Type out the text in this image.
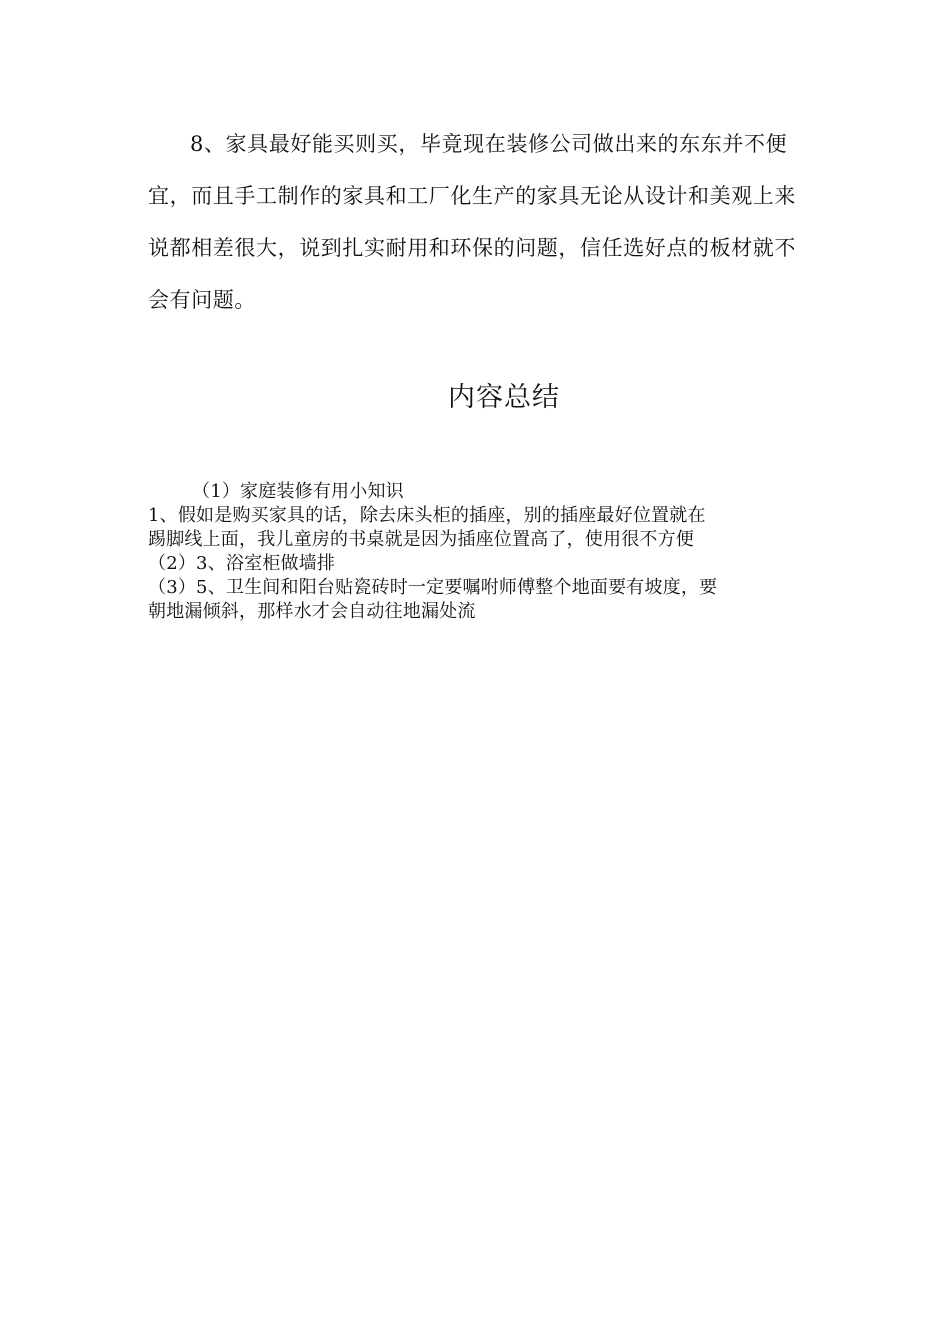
8、家具最好能买则买，毕竟现在装修公司做出来的东东并不便宜，而且手工制作的家具和工厂化生产的家具无论从设计和美观上来说都相差很大，说到扎实耐用和环保的问题，信任选好点的板材就不会有问题。

内容总结

（1）家庭装修有用小知识

1、假如是购买家具的话，除去床头柜的插座，别的插座最好位置就在

踢脚线上面，我儿童房的书桌就是因为插座位置高了，使用很不方便

（2）3、浴室柜做墙排

（3）5、卫生间和阳台贴瓷砖时一定要嘱咐师傅整个地面要有坡度，要

朝地漏倾斜，那样水才会自动往地漏处流
